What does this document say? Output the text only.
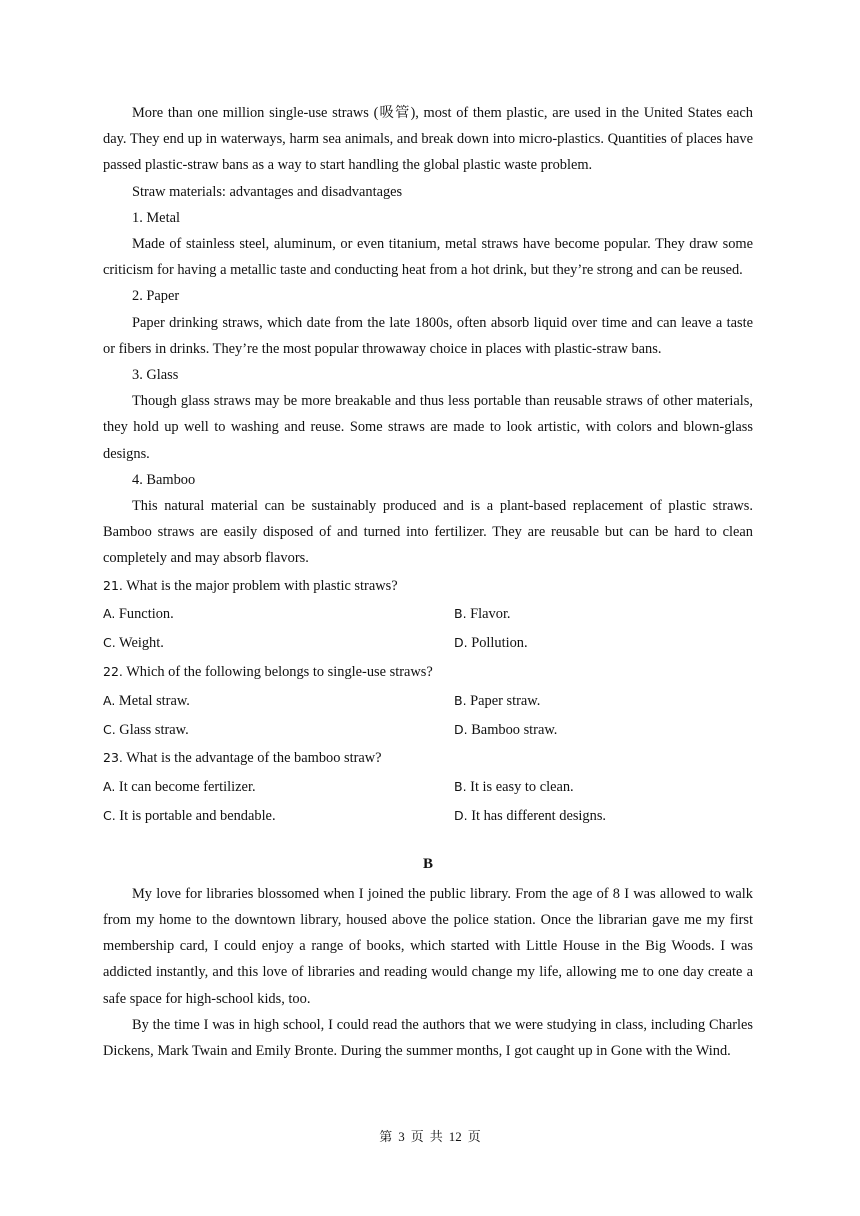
More than one million single-use straws (吸管), most of them plastic, are used in the United States each day. They end up in waterways, harm sea animals, and break down into micro-plastics. Quantities of places have passed plastic-straw bans as a way to start handling the global plastic waste problem.

Straw materials: advantages and disadvantages

1. Metal

Made of stainless steel, aluminum, or even titanium, metal straws have become popular. They draw some criticism for having a metallic taste and conducting heat from a hot drink, but they’re strong and can be reused.

2. Paper

Paper drinking straws, which date from the late 1800s, often absorb liquid over time and can leave a taste or fibers in drinks. They’re the most popular throwaway choice in places with plastic-straw bans.

3. Glass

Though glass straws may be more breakable and thus less portable than reusable straws of other materials, they hold up well to washing and reuse. Some straws are made to look artistic, with colors and blown-glass designs.

4. Bamboo

This natural material can be sustainably produced and is a plant-based replacement of plastic straws. Bamboo straws are easily disposed of and turned into fertilizer. They are reusable but can be hard to clean completely and may absorb flavors.

21. What is the major problem with plastic straws?

A. Function.	B. Flavor.
C. Weight.	D. Pollution.

22. Which of the following belongs to single-use straws?

A. Metal straw.	B. Paper straw.
C. Glass straw.	D. Bamboo straw.

23. What is the advantage of the bamboo straw?

A. It can become fertilizer.	B. It is easy to clean.
C. It is portable and bendable.	D. It has different designs.
B

My love for libraries blossomed when I joined the public library. From the age of 8 I was allowed to walk from my home to the downtown library, housed above the police station. Once the librarian gave me my first membership card, I could enjoy a range of books, which started with Little House in the Big Woods. I was addicted instantly, and this love of libraries and reading would change my life, allowing me to one day create a safe space for high-school kids, too.

By the time I was in high school, I could read the authors that we were studying in class, including Charles Dickens, Mark Twain and Emily Bronte. During the summer months, I got caught up in Gone with the Wind.

第 3 页 共 12 页
